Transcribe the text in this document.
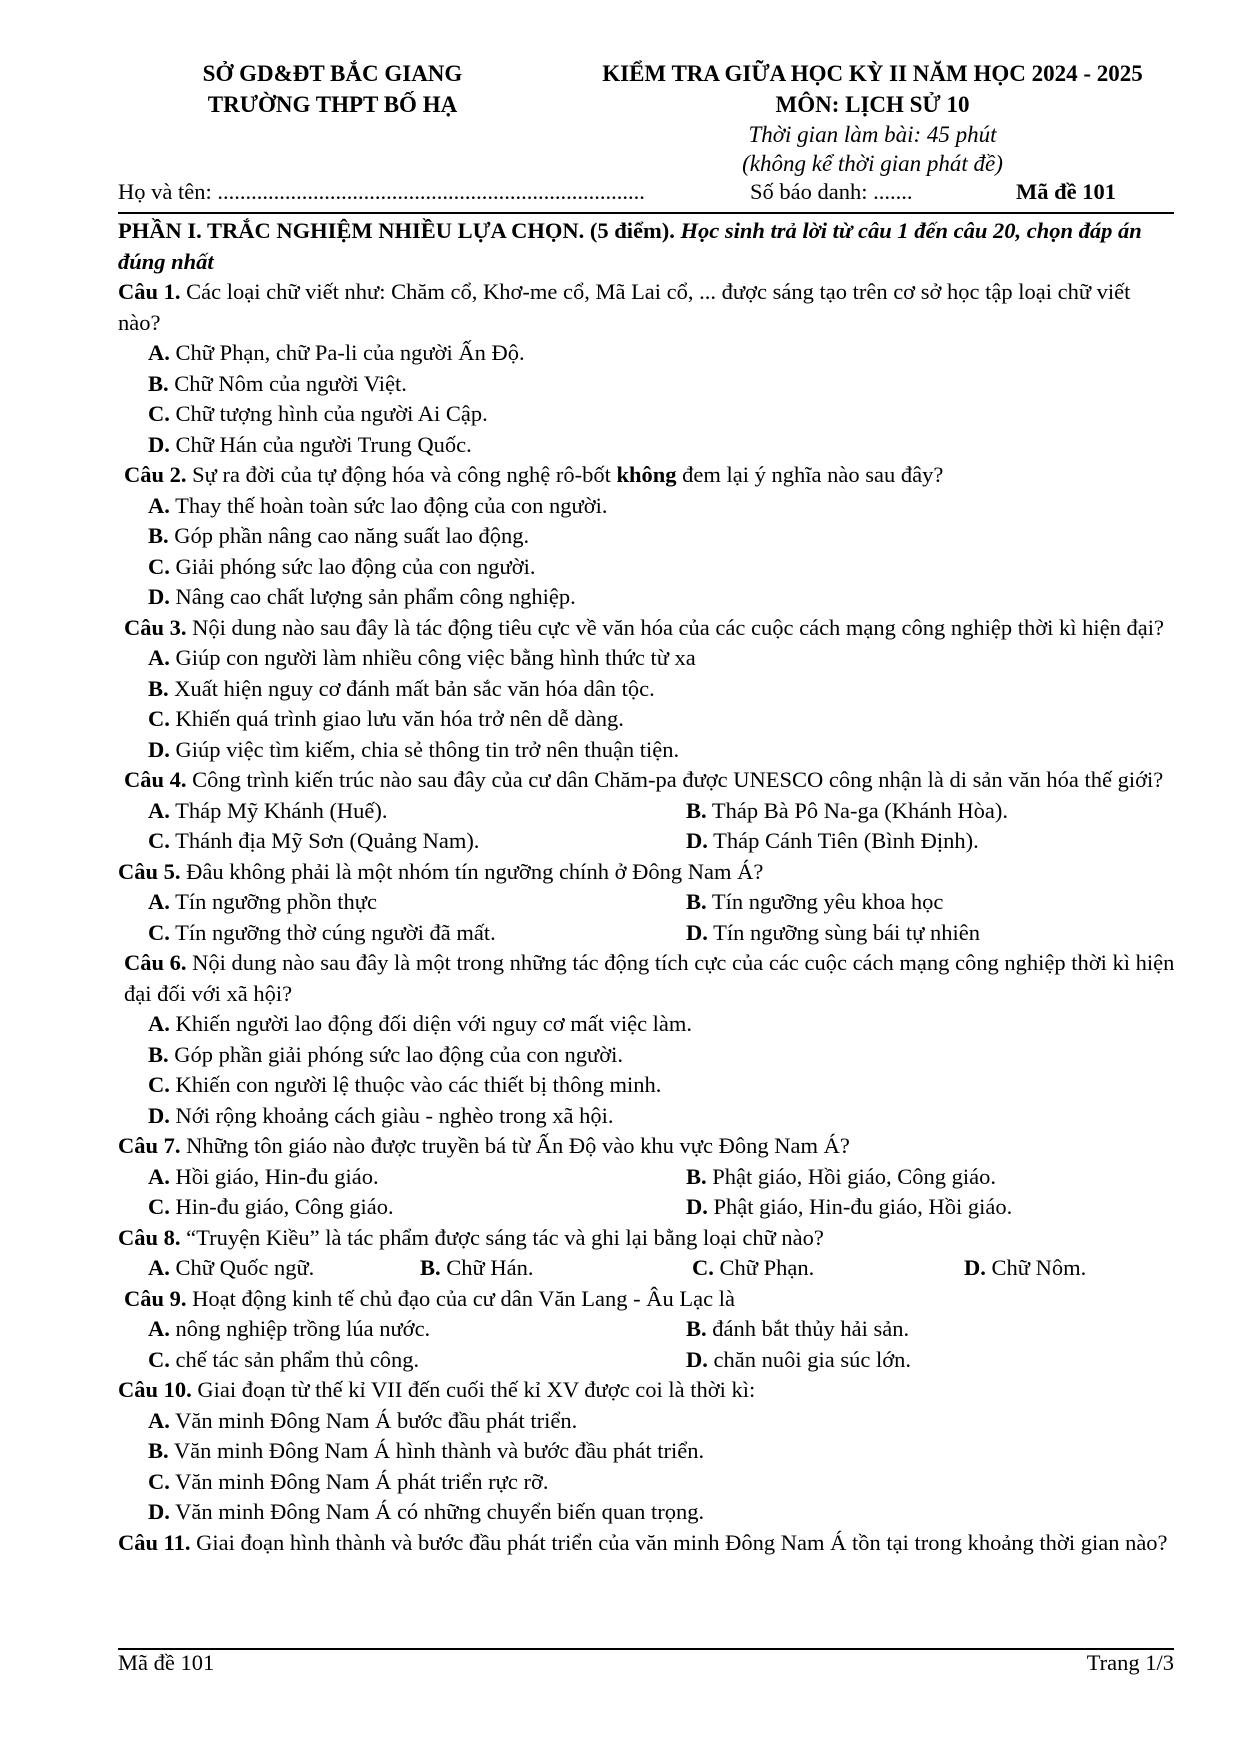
SỞ GD&ĐT BẮC GIANG
TRƯỜNG THPT BỐ HẠ
KIỂM TRA GIỮA HỌC KỲ II NĂM HỌC 2024 - 2025
MÔN: LỊCH SỬ 10
Thời gian làm bài: 45 phút
(không kể thời gian phát đề)
Họ và tên: ............................................................................	Số báo danh: .......	Mã đề 101
PHẦN I. TRẮC NGHIỆM NHIỀU LỰA CHỌN. (5 điểm). Học sinh trả lời từ câu 1 đến câu 20, chọn đáp án đúng nhất

Câu 1. Các loại chữ viết như: Chăm cổ, Khơ-me cổ, Mã Lai cổ, ... được sáng tạo trên cơ sở học tập loại chữ viết nào?

A. Chữ Phạn, chữ Pa-li của người Ấn Độ.
B. Chữ Nôm của người Việt.
C. Chữ tượng hình của người Ai Cập.
D. Chữ Hán của người Trung Quốc.

Câu 2. Sự ra đời của tự động hóa và công nghệ rô-bốt không đem lại ý nghĩa nào sau đây?

A. Thay thế hoàn toàn sức lao động của con người.
B. Góp phần nâng cao năng suất lao động.
C. Giải phóng sức lao động của con người.
D. Nâng cao chất lượng sản phẩm công nghiệp.

Câu 3. Nội dung nào sau đây là tác động tiêu cực về văn hóa của các cuộc cách mạng công nghiệp thời kì hiện đại?

A. Giúp con người làm nhiều công việc bằng hình thức từ xa
B. Xuất hiện nguy cơ đánh mất bản sắc văn hóa dân tộc.
C. Khiến quá trình giao lưu văn hóa trở nên dễ dàng.
D. Giúp việc tìm kiếm, chia sẻ thông tin trở nên thuận tiện.

Câu 4. Công trình kiến trúc nào sau đây của cư dân Chăm-pa được UNESCO công nhận là di sản văn hóa thế giới?

A. Tháp Mỹ Khánh (Huế).	B. Tháp Bà Pô Na-ga (Khánh Hòa).
C. Thánh địa Mỹ Sơn (Quảng Nam).	D. Tháp Cánh Tiên (Bình Định).

Câu 5. Đâu không phải là một nhóm tín ngưỡng chính ở Đông Nam Á?

A. Tín ngưỡng phồn thực	B. Tín ngưỡng yêu khoa học
C. Tín ngưỡng thờ cúng người đã mất.	D. Tín ngưỡng sùng bái tự nhiên

Câu 6. Nội dung nào sau đây là một trong những tác động tích cực của các cuộc cách mạng công nghiệp thời kì hiện đại đối với xã hội?

A. Khiến người lao động đối diện với nguy cơ mất việc làm.
B. Góp phần giải phóng sức lao động của con người.
C. Khiến con người lệ thuộc vào các thiết bị thông minh.
D. Nới rộng khoảng cách giàu - nghèo trong xã hội.

Câu 7. Những tôn giáo nào được truyền bá từ Ấn Độ vào khu vực Đông Nam Á?

A. Hồi giáo, Hin-đu giáo.	B. Phật giáo, Hồi giáo, Công giáo.
C. Hin-đu giáo, Công giáo.	D. Phật giáo, Hin-đu giáo, Hồi giáo.

Câu 8. “Truyện Kiều” là tác phẩm được sáng tác và ghi lại bằng loại chữ nào?

A. Chữ Quốc ngữ.	B. Chữ Hán.	C. Chữ Phạn.	D. Chữ Nôm.

Câu 9. Hoạt động kinh tế chủ đạo của cư dân Văn Lang - Âu Lạc là

A. nông nghiệp trồng lúa nước.	B. đánh bắt thủy hải sản.
C. chế tác sản phẩm thủ công.	D. chăn nuôi gia súc lớn.

Câu 10. Giai đoạn từ thế kỉ VII đến cuối thế kỉ XV được coi là thời kì:

A. Văn minh Đông Nam Á bước đầu phát triển.
B. Văn minh Đông Nam Á hình thành và bước đầu phát triển.
C. Văn minh Đông Nam Á phát triển rực rỡ.
D. Văn minh Đông Nam Á có những chuyển biến quan trọng.

Câu 11. Giai đoạn hình thành và bước đầu phát triển của văn minh Đông Nam Á tồn tại trong khoảng thời gian nào?

Mã đề 101	Trang 1/3
